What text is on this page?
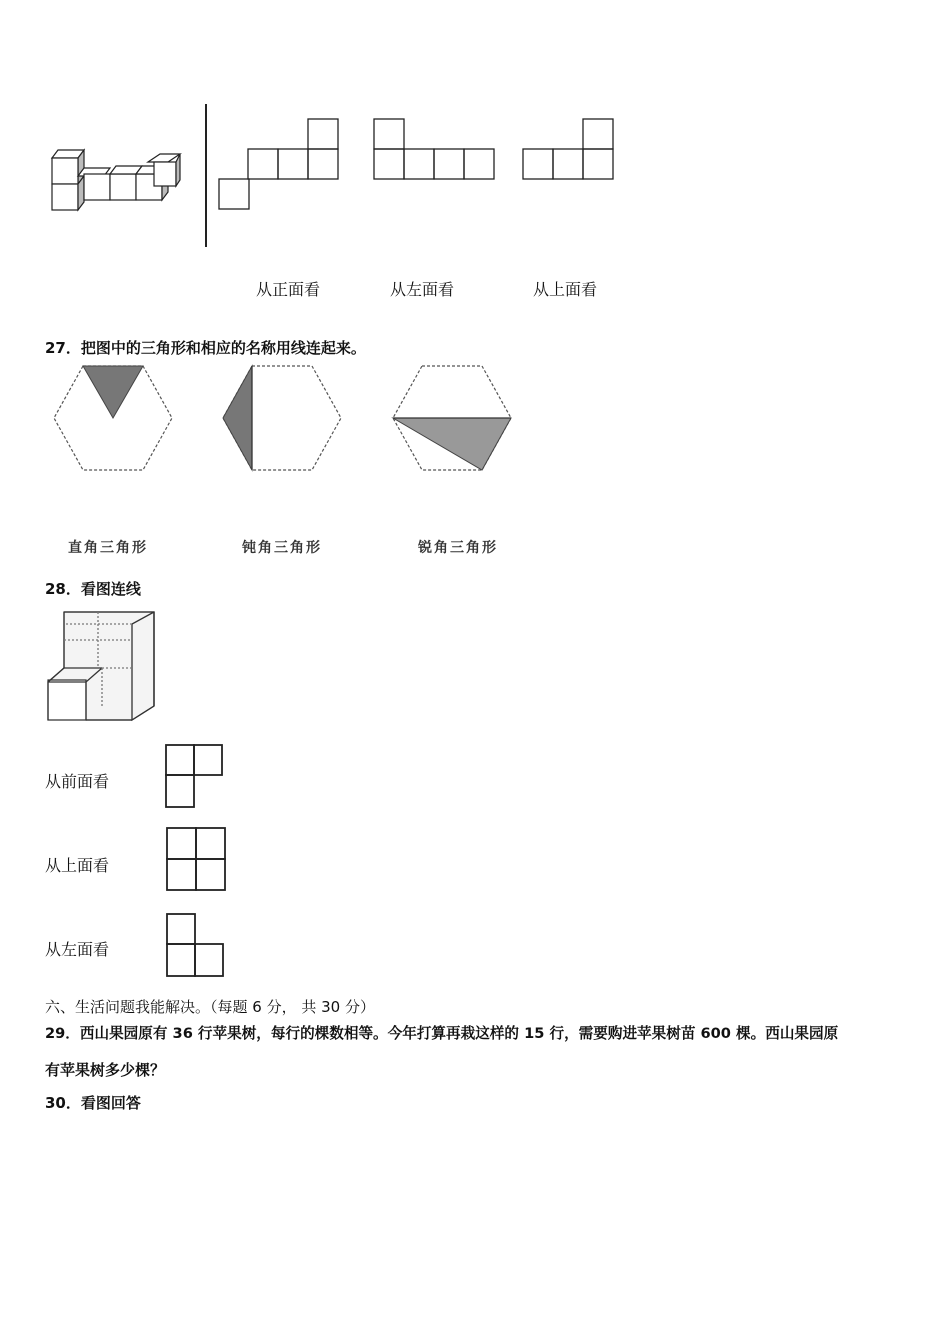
从正面看	从左面看	从上面看
27．把图中的三角形和相应的名称用线连起来。
直角三角形	钝角三角形	锐角三角形
28．看图连线
从前面看
从上面看
从左面看
六、生活问题我能解决。（每题 6 分， 共 30 分）
29．西山果园原有 36 行苹果树，每行的棵数相等。今年打算再栽这样的 15 行，需要购进苹果树苗 600 棵。西山果园原
有苹果树多少棵？
30．看图回答
